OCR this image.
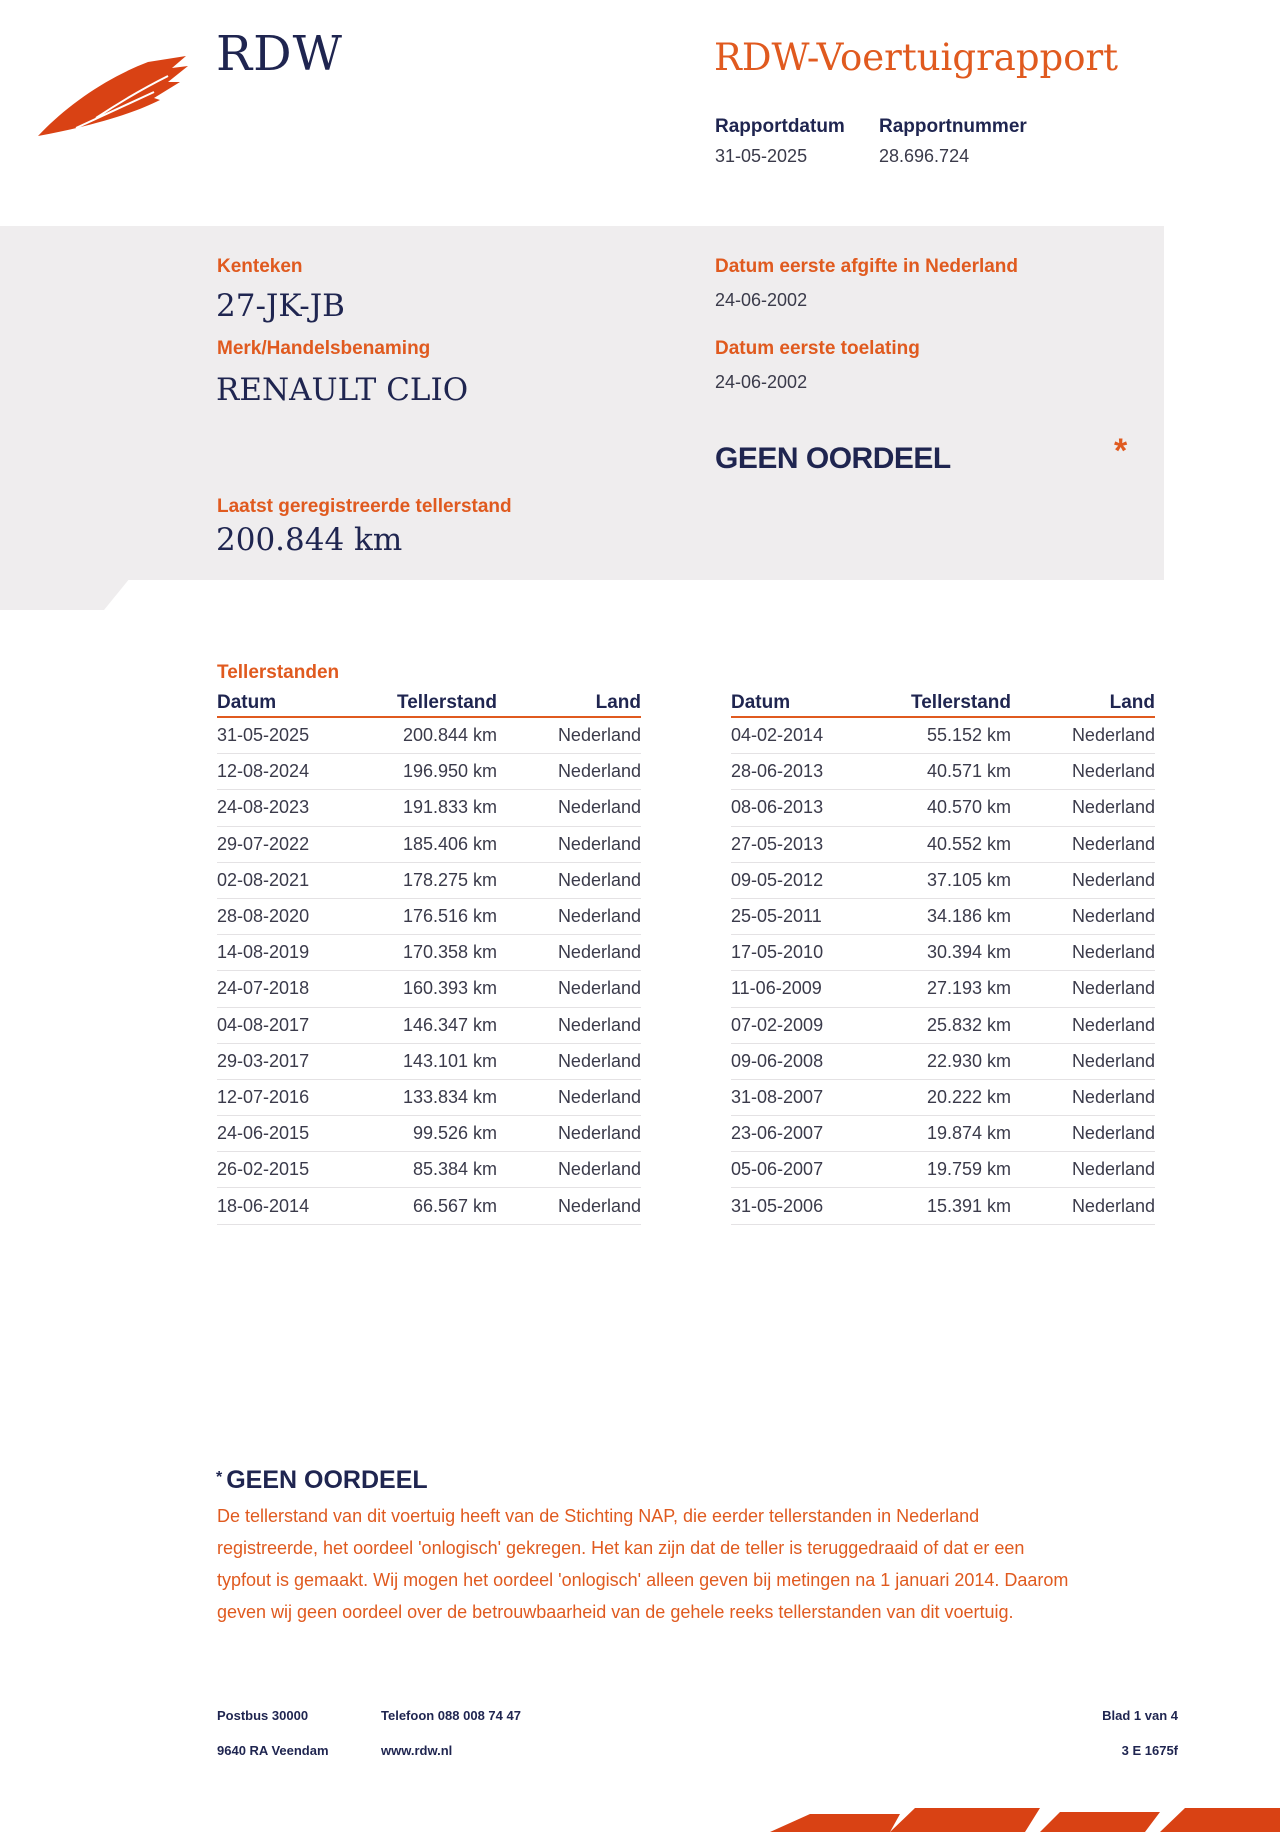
RDW	RDW-Voertuigrapport
Rapportdatum
31-05-2025
Rapportnummer
28.696.724
Kenteken
27-JK-JB
Merk/Handelsbenaming
RENAULT CLIO
Laatst geregistreerde tellerstand
200.844 km
Datum eerste afgifte in Nederland
24-06-2002
Datum eerste toelating
24-06-2002
GEEN OORDEEL	*
Tellerstanden
Datum	Tellerstand	Land
31-05-2025	200.844 km	Nederland
12-08-2024	196.950 km	Nederland
24-08-2023	191.833 km	Nederland
29-07-2022	185.406 km	Nederland
02-08-2021	178.275 km	Nederland
28-08-2020	176.516 km	Nederland
14-08-2019	170.358 km	Nederland
24-07-2018	160.393 km	Nederland
04-08-2017	146.347 km	Nederland
29-03-2017	143.101 km	Nederland
12-07-2016	133.834 km	Nederland
24-06-2015	99.526 km	Nederland
26-02-2015	85.384 km	Nederland
18-06-2014	66.567 km	Nederland
Datum	Tellerstand	Land
04-02-2014	55.152 km	Nederland
28-06-2013	40.571 km	Nederland
08-06-2013	40.570 km	Nederland
27-05-2013	40.552 km	Nederland
09-05-2012	37.105 km	Nederland
25-05-2011	34.186 km	Nederland
17-05-2010	30.394 km	Nederland
11-06-2009	27.193 km	Nederland
07-02-2009	25.832 km	Nederland
09-06-2008	22.930 km	Nederland
31-08-2007	20.222 km	Nederland
23-06-2007	19.874 km	Nederland
05-06-2007	19.759 km	Nederland
31-05-2006	15.391 km	Nederland
* GEEN OORDEEL
De tellerstand van dit voertuig heeft van de Stichting NAP, die eerder tellerstanden in Nederland
registreerde, het oordeel 'onlogisch' gekregen. Het kan zijn dat de teller is teruggedraaid of dat er een
typfout is gemaakt. Wij mogen het oordeel 'onlogisch' alleen geven bij metingen na 1 januari 2014. Daarom
geven wij geen oordeel over de betrouwbaarheid van de gehele reeks tellerstanden van dit voertuig.
Postbus 30000
9640 RA Veendam
Telefoon 088 008 74 47
www.rdw.nl
Blad 1 van 4
3 E 1675f
